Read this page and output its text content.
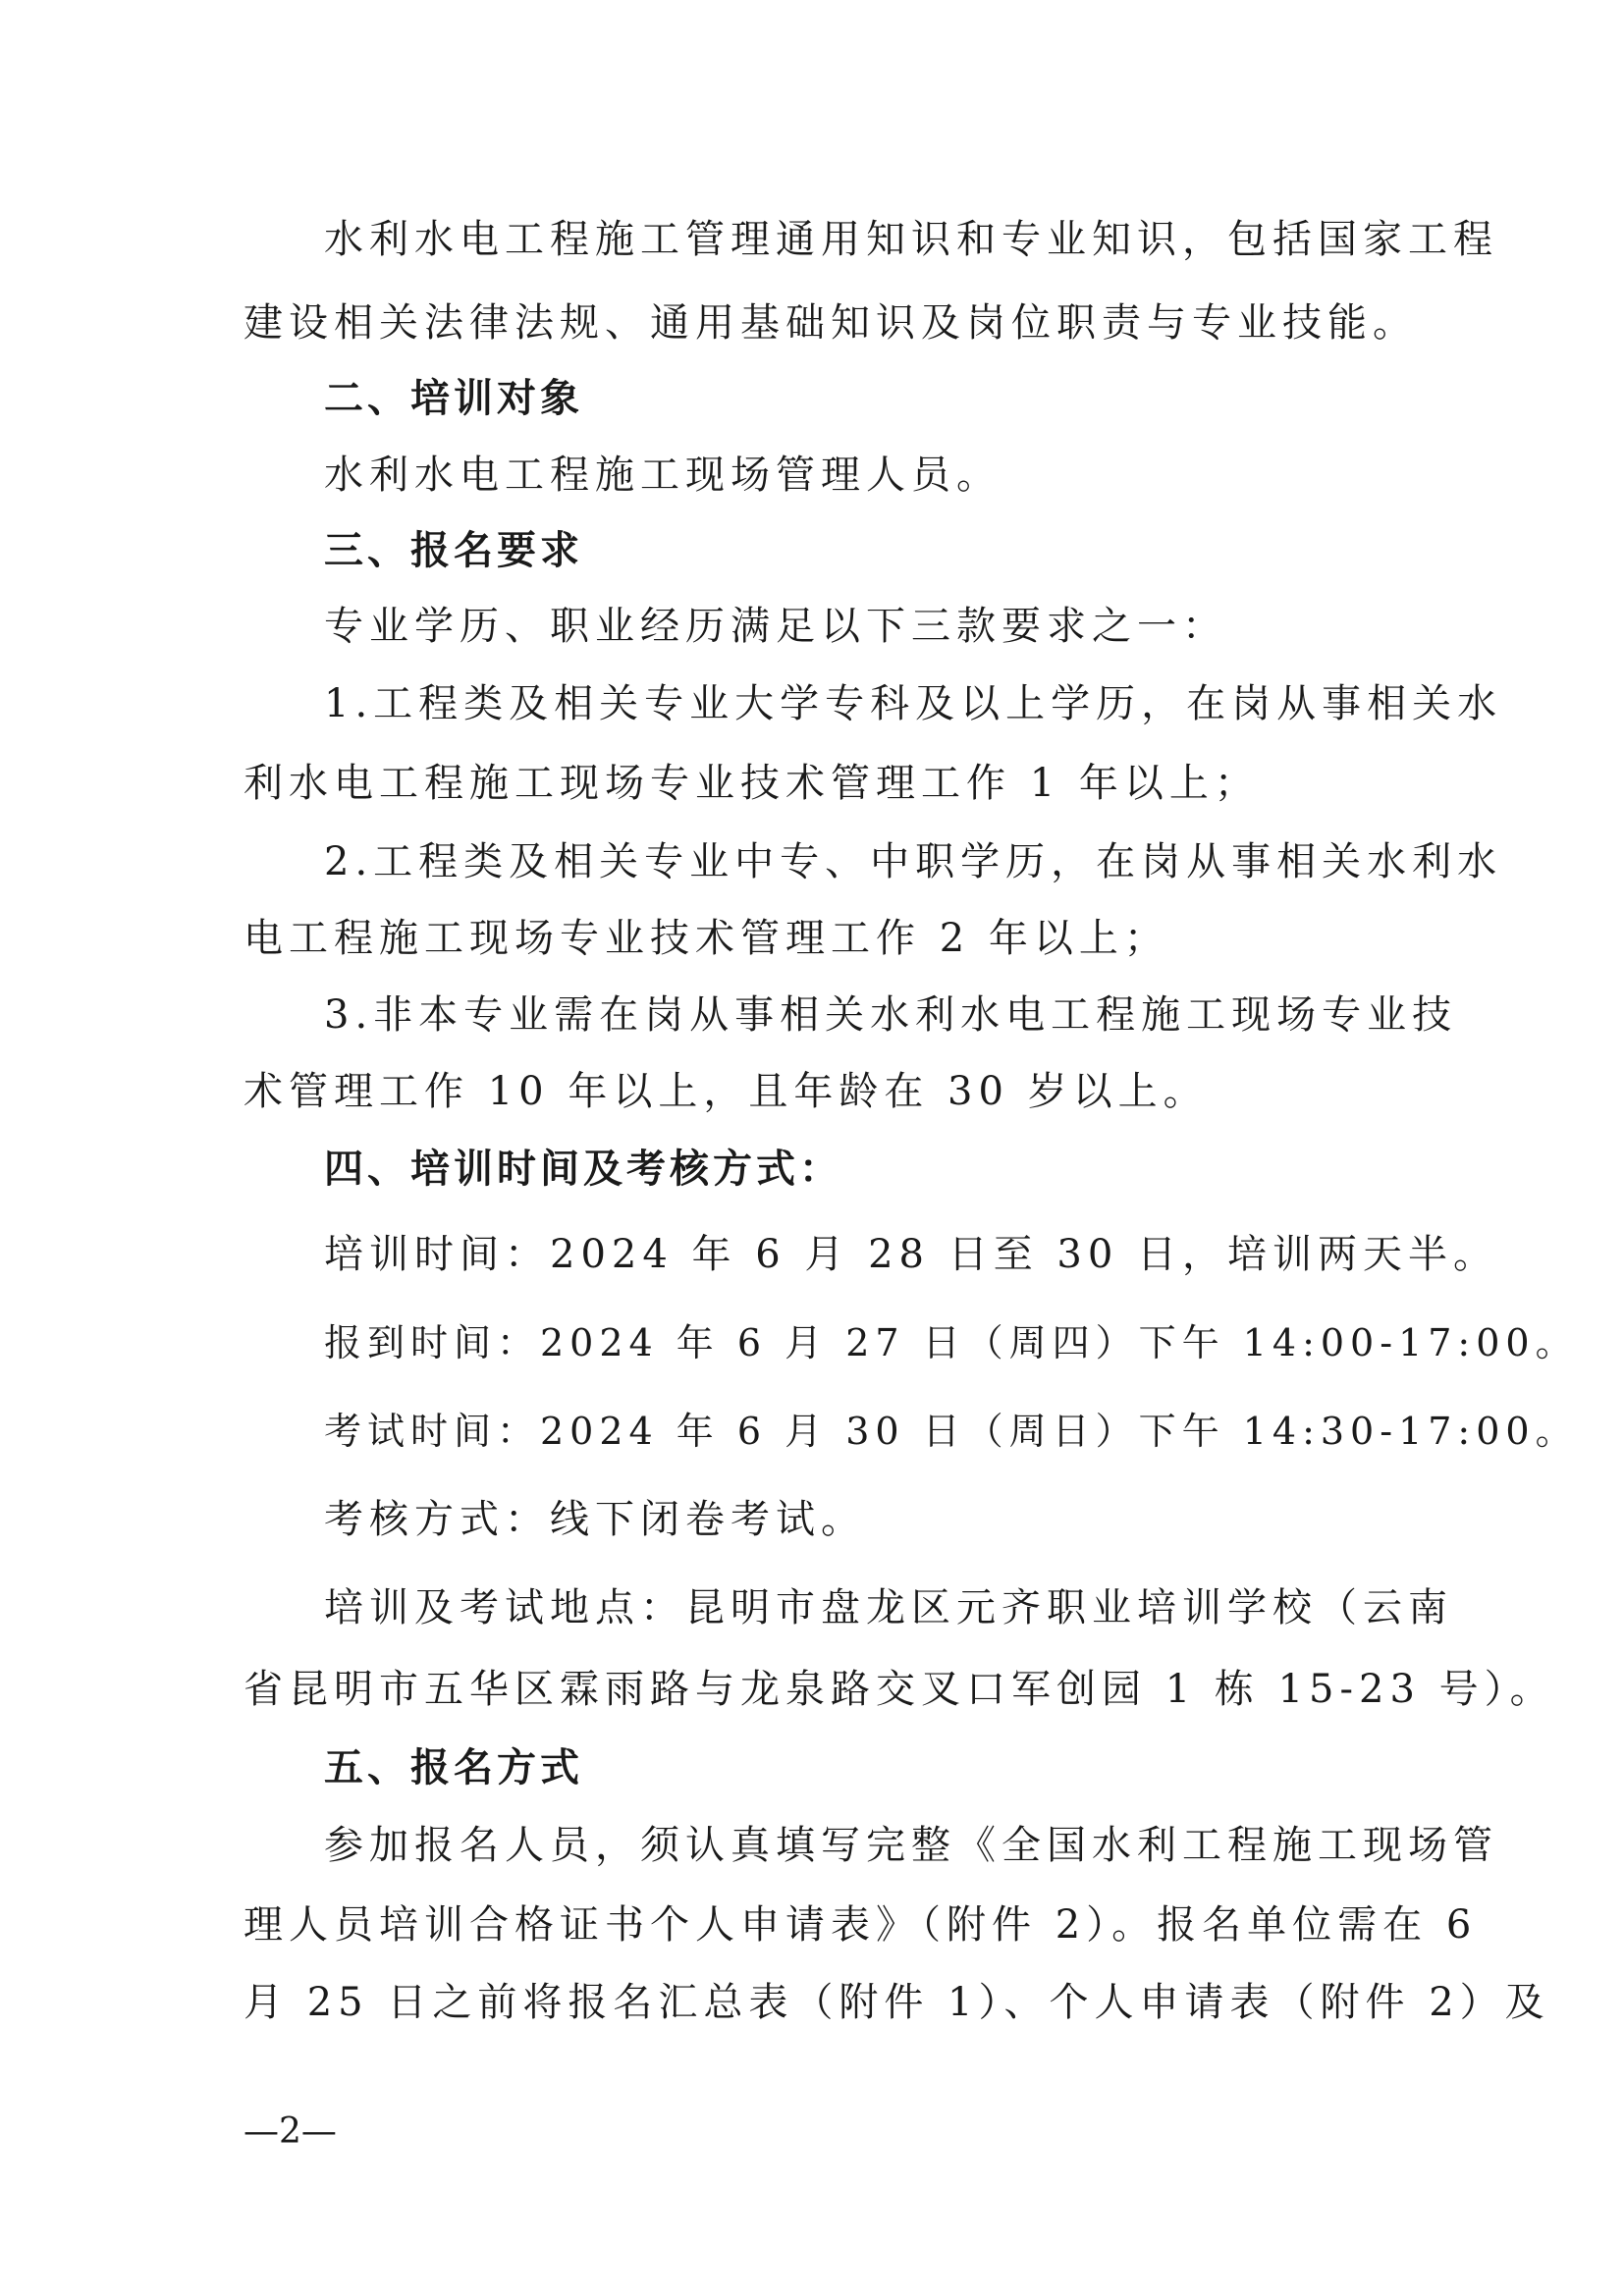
水利水电工程施工管理通用知识和专业知识，包括国家工程
建设相关法律法规、通用基础知识及岗位职责与专业技能。
二、培训对象
水利水电工程施工现场管理人员。
三、报名要求
专业学历、职业经历满足以下三款要求之一：
1.工程类及相关专业大学专科及以上学历，在岗从事相关水
利水电工程施工现场专业技术管理工作 1 年以上；
2.工程类及相关专业中专、中职学历，在岗从事相关水利水
电工程施工现场专业技术管理工作 2 年以上；
3.非本专业需在岗从事相关水利水电工程施工现场专业技
术管理工作 10 年以上，且年龄在 30 岁以上。
四、培训时间及考核方式：
培训时间：2024 年 6 月 28 日至 30 日，培训两天半。
报到时间：2024 年 6 月 27 日（周四）下午 14:00-17:00。
考试时间：2024 年 6 月 30 日（周日）下午 14:30-17:00。
考核方式：线下闭卷考试。
培训及考试地点：昆明市盘龙区元齐职业培训学校（云南
省昆明市五华区霖雨路与龙泉路交叉口军创园 1 栋 15-23 号）。
五、报名方式
参加报名人员，须认真填写完整《全国水利工程施工现场管
理人员培训合格证书个人申请表》（附件 2）。报名单位需在 6
月 25 日之前将报名汇总表（附件 1）、个人申请表（附件 2）及
—2—
